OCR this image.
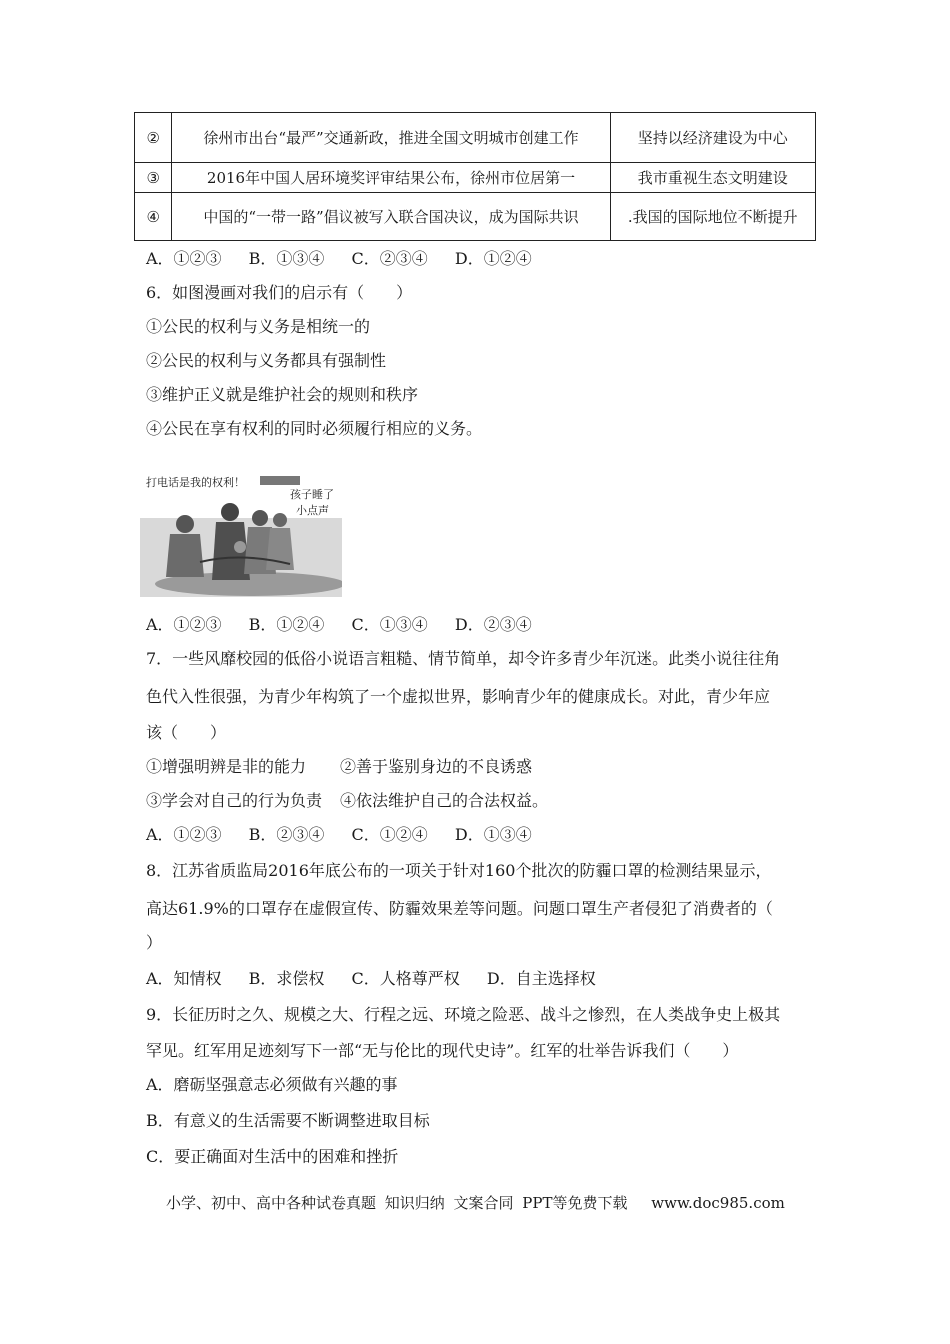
②	徐州市出台“最严”交通新政，推进全国文明城市创建工作	坚持以经济建设为中心
③	2016年中国人居环境奖评审结果公布，徐州市位居第一	我市重视生态文明建设
④	中国的“一带一路”倡议被写入联合国决议，成为国际共识	.我国的国际地位不断提升
A．①②③ B．①③④ C．②③④ D．①②④
6．如图漫画对我们的启示有（　　）
①公民的权利与义务是相统一的
②公民的权利与义务都具有强制性
③维护正义就是维护社会的规则和秩序
④公民在享有权利的同时必须履行相应的义务。
打电话是我的权利！
孩子睡了
小点声
A．①②③ B．①②④ C．①③④ D．②③④
7．一些风靡校园的低俗小说语言粗糙、情节简单，却令许多青少年沉迷。此类小说往往角
色代入性很强，为青少年构筑了一个虚拟世界，影响青少年的健康成长。对此，青少年应
该（　　）
①增强明辨是非的能力 ②善于鉴别身边的不良诱惑
③学会对自己的行为负责 ④依法维护自己的合法权益。
A．①②③ B．②③④ C．①②④ D．①③④
8．江苏省质监局2016年底公布的一项关于针对160个批次的防霾口罩的检测结果显示，
高达61.9%的口罩存在虚假宣传、防霾效果差等问题。问题口罩生产者侵犯了消费者的（
）
A．知情权 B．求偿权 C．人格尊严权 D．自主选择权
9．长征历时之久、规模之大、行程之远、环境之险恶、战斗之惨烈，在人类战争史上极其
罕见。红军用足迹刻写下一部“无与伦比的现代史诗”。红军的壮举告诉我们（　　）
A．磨砺坚强意志必须做有兴趣的事
B．有意义的生活需要不断调整进取目标
C．要正确面对生活中的困难和挫折
小学、初中、高中各种试卷真题 知识归纳 文案合同 PPT等免费下载　 www.doc985.com
